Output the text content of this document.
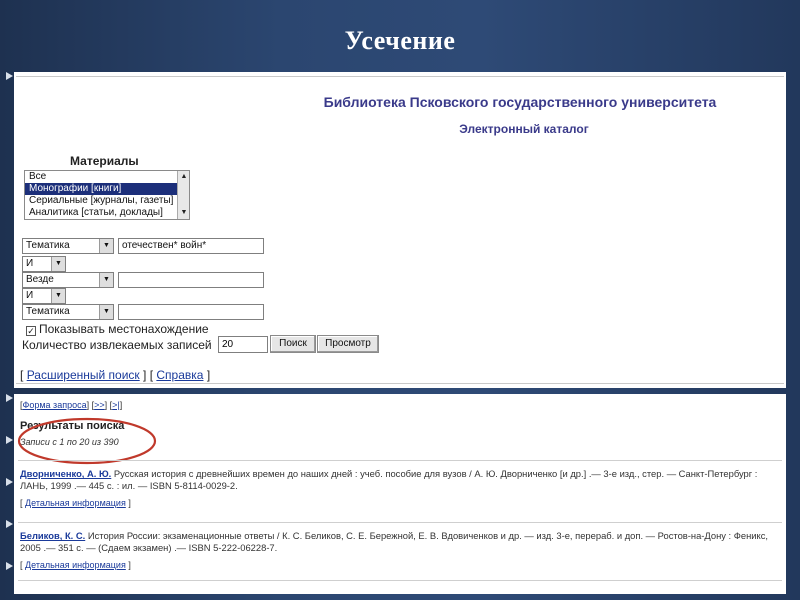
Усечение
Библиотека Псковского государственного университета
Электронный каталог
Материалы
Все
Монографии [книги]
Сериальные [журналы, газеты]
Аналитика [статьи, доклады]
▲
▼
Тематика	▼	отечествен* войн*
И	▼
Везде	▼
И	▼
Тематика	▼
✓ Показывать местонахождение
Количество извлекаемых записей	20	Поиск	Просмотр
[ Расширенный поиск ] [ Справка ]
[Форма запроса] [>>] [>|]
Результаты поиска
Записи с 1 по 20 из 390
Дворниченко, А. Ю. Русская история с древнейших времен до наших дней : учеб. пособие для вузов / А. Ю. Дворниченко [и др.] .— 3-е изд., стер. — Санкт-Петербург :
ЛАНЬ, 1999 .— 445 с. : ил. — ISBN 5-8114-0029-2.
[ Детальная информация ]
Беликов, К. С. История России: экзаменационные ответы / К. С. Беликов, С. Е. Бережной, Е. В. Вдовиченков и др. — изд. 3-е, перераб. и доп. — Ростов-на-Дону : Феникс,
2005 .— 351 с. — (Сдаем экзамен) .— ISBN 5-222-06228-7.
[ Детальная информация ]
